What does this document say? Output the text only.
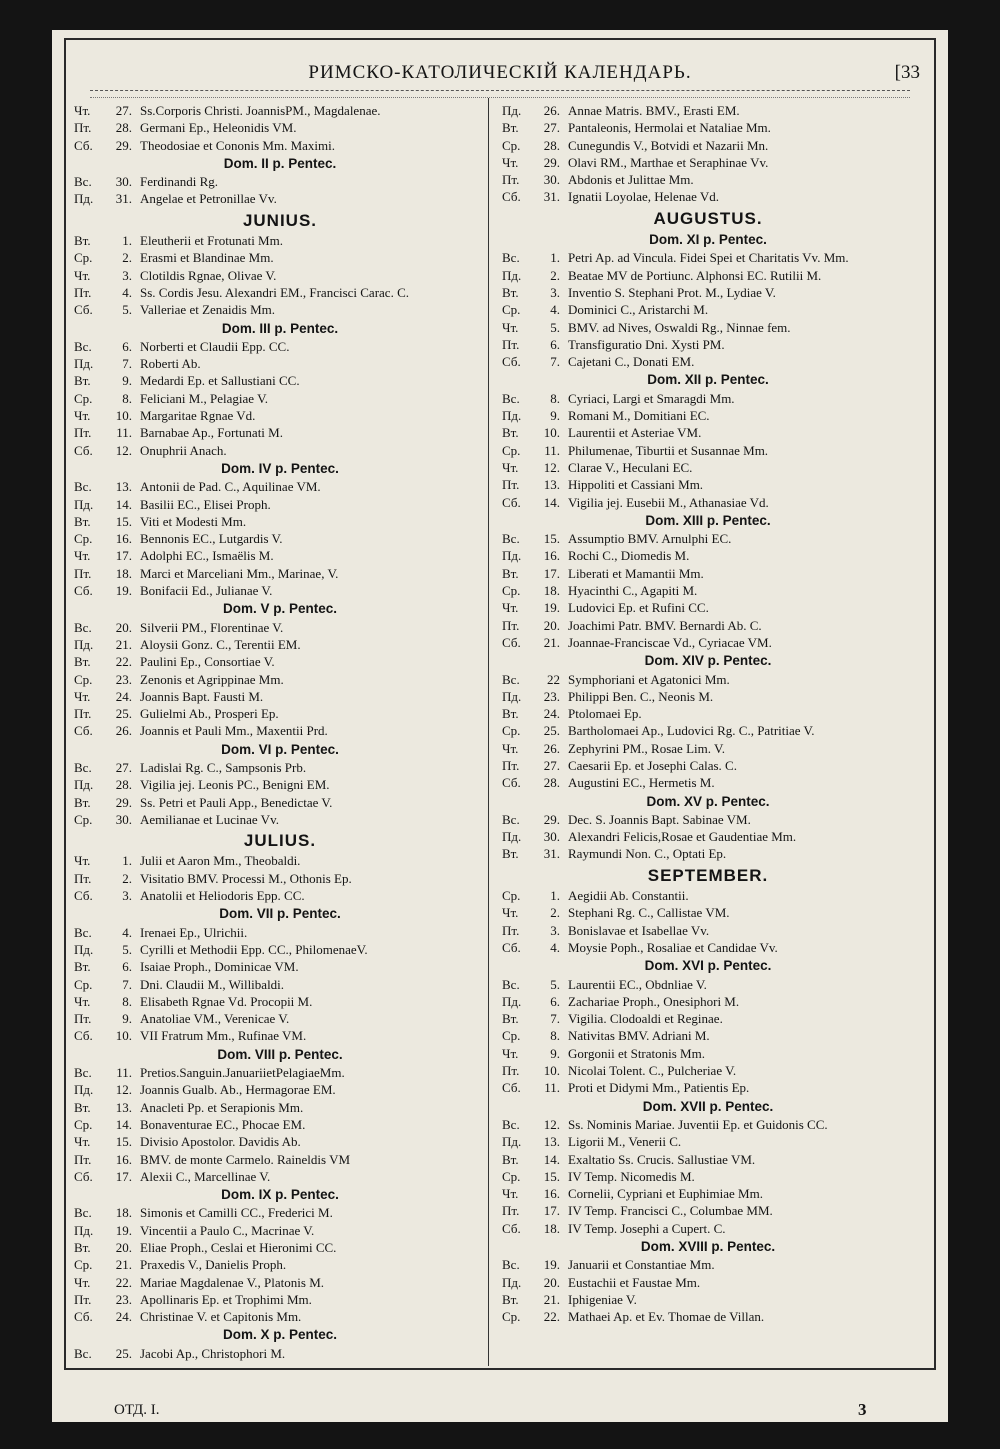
РИМСКО-КАТОЛИЧЕСКІЙ КАЛЕНДАРЬ.	[33
Чт.	27. Ss.Corporis Christi. JoannisPM., Magdalenae.
Пт.	28. Germani Ep., Heleonidis VM.
Сб.	29. Theodosiae et Cononis Mm. Maximi.
Dom. II p. Pentec.
Вс.	30. Ferdinandi Rg.
Пд.	31. Angelae et Petronillae Vv.
JUNIUS.
Вт.	1. Eleutherii et Frotunati Mm.
Ср.	2. Erasmi et Blandinae Mm.
Чт.	3. Clotildis Rgnae, Olivae V.
Пт.	4. Ss. Cordis Jesu. Alexandri EM., Francisci Carac. C.
Сб.	5. Valleriae et Zenaidis Mm.
Dom. III p. Pentec.
Вс.	6. Norberti et Claudii Epp. CC.
Пд.	7. Roberti Ab.
Вт.	9. Medardi Ep. et Sallustiani CC.
Ср.	8. Feliciani M., Pelagiae V.
Чт.	10. Margaritae Rgnae Vd.
Пт.	11. Barnabae Ap., Fortunati M.
Сб.	12. Onuphrii Anach.
Dom. IV p. Pentec.
Вс.	13. Antonii de Pad. C., Aquilinae VM.
Пд.	14. Basilii EC., Elisei Proph.
Вт.	15. Viti et Modesti Mm.
Ср.	16. Bennonis EC., Lutgardis V.
Чт.	17. Adolphi EC., Ismaëlis M.
Пт.	18. Marci et Marceliani Mm., Marinae, V.
Сб.	19. Bonifacii Ed., Julianae V.
Dom. V p. Pentec.
Вс.	20. Silverii PM., Florentinae V.
Пд.	21. Aloysii Gonz. C., Terentii EM.
Вт.	22. Paulini Ep., Consortiae V.
Ср.	23. Zenonis et Agrippinae Mm.
Чт.	24. Joannis Bapt. Fausti M.
Пт.	25. Gulielmi Ab., Prosperi Ep.
Сб.	26. Joannis et Pauli Mm., Maxentii Prd.
Dom. VI p. Pentec.
Вс.	27. Ladislai Rg. C., Sampsonis Prb.
Пд.	28. Vigilia jej. Leonis PC., Benigni EM.
Вт.	29. Ss. Petri et Pauli App., Benedictae V.
Ср.	30. Aemilianae et Lucinae Vv.
JULIUS.
Чт.	1. Julii et Aaron Mm., Theobaldi.
Пт.	2. Visitatio BMV. Processi M., Othonis Ep.
Сб.	3. Anatolii et Heliodoris Epp. CC.
Dom. VII p. Pentec.
Вс.	4. Irenaei Ep., Ulrichii.
Пд.	5. Cyrilli et Methodii Epp. CC., PhilomenaeV.
Вт.	6. Isaiae Proph., Dominicae VM.
Ср.	7. Dni. Claudii M., Willibaldi.
Чт.	8. Elisabeth Rgnae Vd. Procopii M.
Пт.	9. Anatoliae VM., Verenicae V.
Сб.	10. VII Fratrum Mm., Rufinae VM.
Dom. VIII p. Pentec.
Вс.	11. Pretios.Sanguin.JanuariietPelagiaeMm.
Пд.	12. Joannis Gualb. Ab., Hermagorae EM.
Вт.	13. Anacleti Pp. et Serapionis Mm.
Ср.	14. Bonaventurae EC., Phocae EM.
Чт.	15. Divisio Apostolor. Davidis Ab.
Пт.	16. BMV. de monte Carmelo. Raineldis VM
Сб.	17. Alexii C., Marcellinae V.
Dom. IX p. Pentec.
Вс.	18. Simonis et Camilli CC., Frederici M.
Пд.	19. Vincentii a Paulo C., Macrinae V.
Вт.	20. Eliae Proph., Ceslai et Hieronimi CC.
Ср.	21. Praxedis V., Danielis Proph.
Чт.	22. Mariae Magdalenae V., Platonis M.
Пт.	23. Apollinaris Ep. et Trophimi Mm.
Сб.	24. Christinae V. et Capitonis Mm.
Dom. X p. Pentec.
Вс.	25. Jacobi Ap., Christophori M.
Пд.	26. Annae Matris. BMV., Erasti EM.
Вт.	27. Pantaleonis, Hermolai et Nataliae Mm.
Ср.	28. Cunegundis V., Botvidi et Nazarii Mn.
Чт.	29. Olavi RM., Marthae et Seraphinae Vv.
Пт.	30. Abdonis et Julittae Mm.
Сб.	31. Ignatii Loyolae, Helenae Vd.
AUGUSTUS.
Dom. XI p. Pentec.
Вс.	1. Petri Ap. ad Vincula. Fidei Spei et Charitatis Vv. Mm.
Пд.	2. Beatae MV de Portiunc. Alphonsi EC. Rutilii M.
Вт.	3. Inventio S. Stephani Prot. M., Lydiae V.
Ср.	4. Dominici C., Aristarchi M.
Чт.	5. BMV. ad Nives, Oswaldi Rg., Ninnae fem.
Пт.	6. Transfiguratio Dni. Xysti PM.
Сб.	7. Cajetani C., Donati EM.
Dom. XII p. Pentec.
Вс.	8. Cyriaci, Largi et Smaragdi Mm.
Пд.	9. Romani M., Domitiani EC.
Вт.	10. Laurentii et Asteriae VM.
Ср.	11. Philumenae, Tiburtii et Susannae Mm.
Чт.	12. Clarae V., Heculani EC.
Пт.	13. Hippoliti et Cassiani Mm.
Сб.	14. Vigilia jej. Eusebii M., Athanasiae Vd.
Dom. XIII p. Pentec.
Вс.	15. Assumptio BMV. Arnulphi EC.
Пд.	16. Rochi C., Diomedis M.
Вт.	17. Liberati et Mamantii Mm.
Ср.	18. Hyacinthi C., Agapiti M.
Чт.	19. Ludovici Ep. et Rufini CC.
Пт.	20. Joachimi Patr. BMV. Bernardi Ab. C.
Сб.	21. Joannae-Franciscae Vd., Cyriacae VM.
Dom. XIV p. Pentec.
Вс.	22 Symphoriani et Agatonici Mm.
Пд.	23. Philippi Ben. C., Neonis M.
Вт.	24. Ptolomaei Ep.
Ср.	25. Bartholomaei Ap., Ludovici Rg. C., Patritiae V.
Чт.	26. Zephyrini PM., Rosae Lim. V.
Пт.	27. Caesarii Ep. et Josephi Calas. C.
Сб.	28. Augustini EC., Hermetis M.
Dom. XV p. Pentec.
Вс.	29. Dec. S. Joannis Bapt. Sabinae VM.
Пд.	30. Alexandri Felicis,Rosae et Gaudentiae Mm.
Вт.	31. Raymundi Non. C., Optati Ep.
SEPTEMBER.
Ср.	1. Aegidii Ab. Constantii.
Чт.	2. Stephani Rg. C., Callistae VM.
Пт.	3. Bonislavae et Isabellae Vv.
Сб.	4. Moysie Poph., Rosaliae et Candidae Vv.
Dom. XVI p. Pentec.
Вс.	5. Laurentii EC., Obdnliae V.
Пд.	6. Zachariae Proph., Onesiphori M.
Вт.	7. Vigilia. Clodoaldi et Reginae.
Ср.	8. Nativitas BMV. Adriani M.
Чт.	9. Gorgonii et Stratonis Mm.
Пт.	10. Nicolai Tolent. C., Pulcheriae V.
Сб.	11. Proti et Didymi Mm., Patientis Ep.
Dom. XVII p. Pentec.
Вс.	12. Ss. Nominis Mariae. Juventii Ep. et Guidonis CC.
Пд.	13. Ligorii M., Venerii C.
Вт.	14. Exaltatio Ss. Crucis. Sallustiae VM.
Ср.	15. IV Temp. Nicomedis M.
Чт.	16. Cornelii, Cypriani et Euphimiae Mm.
Пт.	17. IV Temp. Francisci C., Columbae MM.
Сб.	18. IV Temp. Josephi a Cupert. C.
Dom. XVIII p. Pentec.
Вс.	19. Januarii et Constantiae Mm.
Пд.	20. Eustachii et Faustae Mm.
Вт.	21. Iphigeniae V.
Ср.	22. Mathaei Ap. et Ev. Thomae de Villan.
ОТД. I.	3
